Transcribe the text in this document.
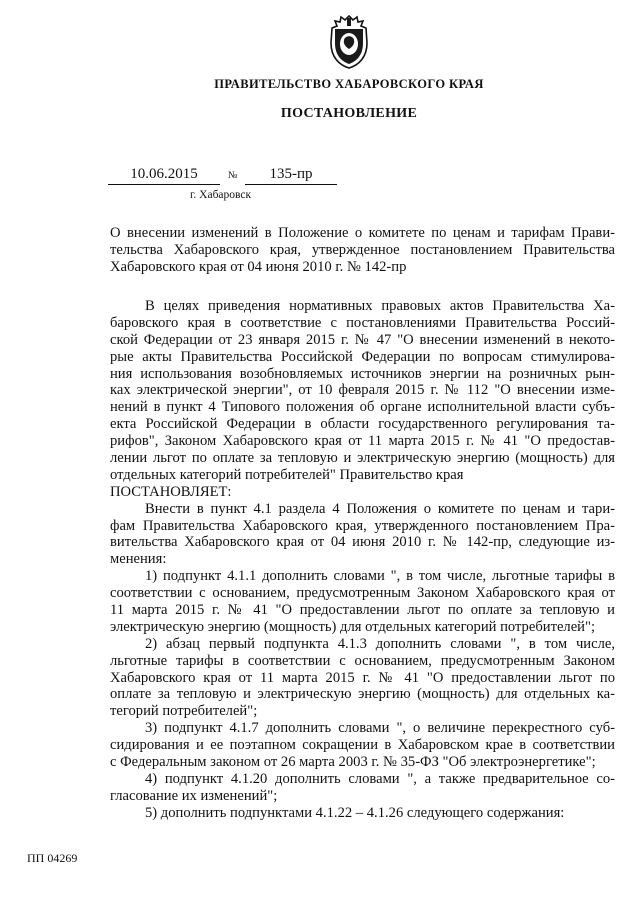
ПРАВИТЕЛЬСТВО ХАБАРОВСКОГО КРАЯ
ПОСТАНОВЛЕНИЕ
10.06.2015	№	135-пр
г. Хабаровск
О внесении изменений в Положение о комитете по ценам и тарифам Прави-
тельства Хабаровского края, утвержденное постановлением Правительства
Хабаровского края от 04 июня 2010 г. № 142-пр
В целях приведения нормативных правовых актов Правительства Ха-
баровского края в соответствие с постановлениями Правительства Россий-
ской Федерации от 23 января 2015 г. № 47 "О внесении изменений в некото-
рые акты Правительства Российской Федерации по вопросам стимулирова-
ния использования возобновляемых источников энергии на розничных рын-
ках электрической энергии", от 10 февраля 2015 г. № 112 "О внесении изме-
нений в пункт 4 Типового положения об органе исполнительной власти субъ-
екта Российской Федерации в области государственного регулирования та-
рифов", Законом Хабаровского края от 11 марта 2015 г. № 41 "О предостав-
лении льгот по оплате за тепловую и электрическую энергию (мощность) для
отдельных категорий потребителей" Правительство края
ПОСТАНОВЛЯЕТ:
Внести в пункт 4.1 раздела 4 Положения о комитете по ценам и тари-
фам Правительства Хабаровского края, утвержденного постановлением Пра-
вительства Хабаровского края от 04 июня 2010 г. № 142-пр, следующие из-
менения:
1) подпункт 4.1.1 дополнить словами ", в том числе, льготные тарифы в
соответствии с основанием, предусмотренным Законом Хабаровского края от
11 марта 2015 г. № 41 "О предоставлении льгот по оплате за тепловую и
электрическую энергию (мощность) для отдельных категорий потребителей";
2) абзац первый подпункта 4.1.3 дополнить словами ", в том числе,
льготные тарифы в соответствии с основанием, предусмотренным Законом
Хабаровского края от 11 марта 2015 г. № 41 "О предоставлении льгот по
оплате за тепловую и электрическую энергию (мощность) для отдельных ка-
тегорий потребителей";
3) подпункт 4.1.7 дополнить словами ", о величине перекрестного суб-
сидирования и ее поэтапном сокращении в Хабаровском крае в соответствии
с Федеральным законом от 26 марта 2003 г. № 35-ФЗ "Об электроэнергетике";
4) подпункт 4.1.20 дополнить словами ", а также предварительное со-
гласование их изменений";
5) дополнить подпунктами 4.1.22 – 4.1.26 следующего содержания:
ПП 04269
